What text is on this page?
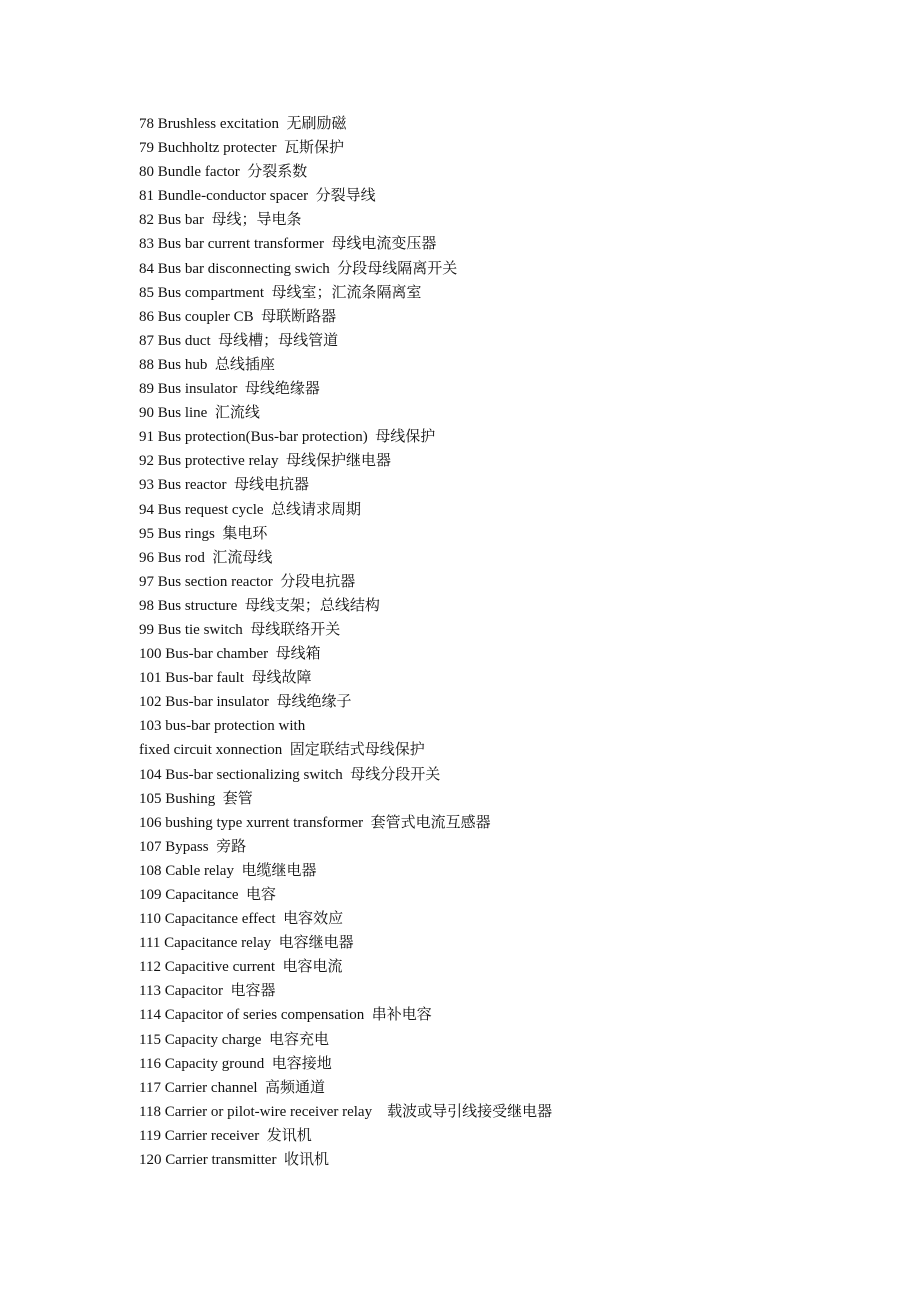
78 Brushless excitation  无刷励磁
79 Buchholtz protecter  瓦斯保护
80 Bundle factor  分裂系数
81 Bundle-conductor spacer  分裂导线
82 Bus bar  母线；导电条
83 Bus bar current transformer  母线电流变压器
84 Bus bar disconnecting swich  分段母线隔离开关
85 Bus compartment  母线室；汇流条隔离室
86 Bus coupler CB  母联断路器
87 Bus duct  母线槽；母线管道
88 Bus hub  总线插座
89 Bus insulator  母线绝缘器
90 Bus line  汇流线
91 Bus protection(Bus-bar protection)  母线保护
92 Bus protective relay  母线保护继电器
93 Bus reactor  母线电抗器
94 Bus request cycle  总线请求周期
95 Bus rings  集电环
96 Bus rod  汇流母线
97 Bus section reactor  分段电抗器
98 Bus structure  母线支架；总线结构
99 Bus tie switch  母线联络开关
100 Bus-bar chamber  母线箱
101 Bus-bar fault  母线故障
102 Bus-bar insulator  母线绝缘子
103 bus-bar protection with
fixed circuit xonnection  固定联结式母线保护
104 Bus-bar sectionalizing switch  母线分段开关
105 Bushing  套管
106 bushing type xurrent transformer  套管式电流互感器
107 Bypass  旁路
108 Cable relay  电缆继电器
109 Capacitance  电容
110 Capacitance effect  电容效应
111 Capacitance relay  电容继电器
112 Capacitive current  电容电流
113 Capacitor  电容器
114 Capacitor of series compensation  串补电容
115 Capacity charge  电容充电
116 Capacity ground  电容接地
117 Carrier channel  高频通道
118 Carrier or pilot-wire receiver relay    载波或导引线接受继电器
119 Carrier receiver  发讯机
120 Carrier transmitter  收讯机
